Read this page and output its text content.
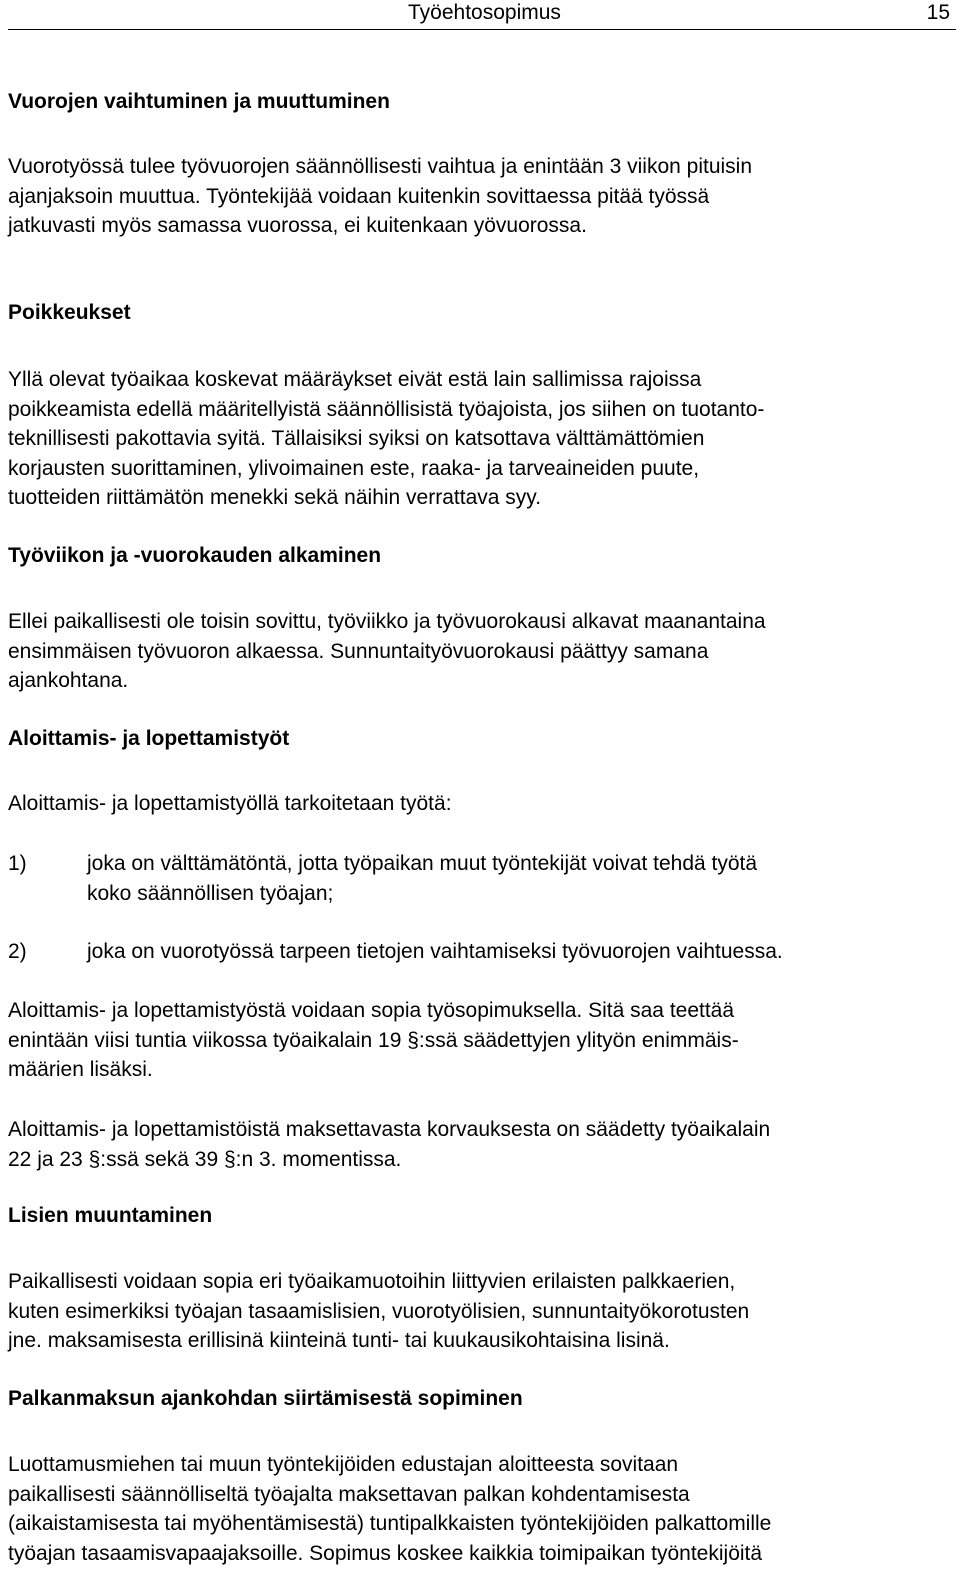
Työehtosopimus	15
Vuorojen vaihtuminen ja muuttuminen
Vuorotyössä tulee työvuorojen säännöllisesti vaihtua ja enintään 3 viikon pituisin
ajanjaksoin muuttua. Työntekijää voidaan kuitenkin sovittaessa pitää työssä
jatkuvasti myös samassa vuorossa, ei kuitenkaan yövuorossa.
Poikkeukset
Yllä olevat työaikaa koskevat määräykset eivät estä lain sallimissa rajoissa
poikkeamista edellä määritellyistä säännöllisistä työajoista, jos siihen on tuotanto-
teknillisesti pakottavia syitä. Tällaisiksi syiksi on katsottava välttämättömien
korjausten suorittaminen, ylivoimainen este, raaka- ja tarveaineiden puute,
tuotteiden riittämätön menekki sekä näihin verrattava syy.
Työviikon ja -vuorokauden alkaminen
Ellei paikallisesti ole toisin sovittu, työviikko ja työvuorokausi alkavat maanantaina
ensimmäisen työvuoron alkaessa. Sunnuntaityövuorokausi päättyy samana
ajankohtana.
Aloittamis- ja lopettamistyöt
Aloittamis- ja lopettamistyöllä tarkoitetaan työtä:
1)	joka on välttämätöntä, jotta työpaikan muut työntekijät voivat tehdä työtä
koko säännöllisen työajan;
2)	joka on vuorotyössä tarpeen tietojen vaihtamiseksi työvuorojen vaihtuessa.
Aloittamis- ja lopettamistyöstä voidaan sopia työsopimuksella. Sitä saa teettää
enintään viisi tuntia viikossa työaikalain 19 §:ssä säädettyjen ylityön enimmäis-
määrien lisäksi.
Aloittamis- ja lopettamistöistä maksettavasta korvauksesta on säädetty työaikalain
22 ja 23 §:ssä sekä 39 §:n 3. momentissa.
Lisien muuntaminen
Paikallisesti voidaan sopia eri työaikamuotoihin liittyvien erilaisten palkkaerien,
kuten esimerkiksi työajan tasaamislisien, vuorotyölisien, sunnuntaityökorotusten
jne. maksamisesta erillisinä kiinteinä tunti- tai kuukausikohtaisina lisinä.
Palkanmaksun ajankohdan siirtämisestä sopiminen
Luottamusmiehen tai muun työntekijöiden edustajan aloitteesta sovitaan
paikallisesti säännölliseltä työajalta maksettavan palkan kohdentamisesta
(aikaistamisesta tai myöhentämisestä) tuntipalkkaisten työntekijöiden palkattomille
työajan tasaamisvapaajaksoille. Sopimus koskee kaikkia toimipaikan työntekijöitä
